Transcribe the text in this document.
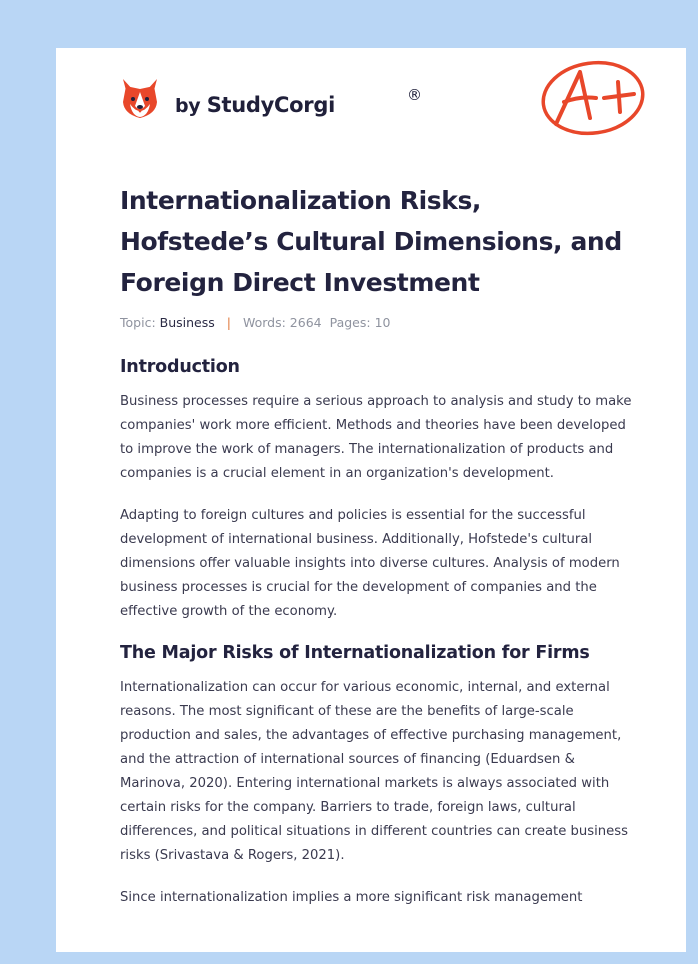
by StudyCorgi	®
Internationalization Risks, Hofstede’s Cultural Dimensions, and Foreign Direct Investment
Topic: Business | Words: 2664 Pages: 10
Introduction

Business processes require a serious approach to analysis and study to make companies' work more efficient. Methods and theories have been developed to improve the work of managers. The internationalization of products and companies is a crucial element in an organization's development.

Adapting to foreign cultures and policies is essential for the successful development of international business. Additionally, Hofstede's cultural dimensions offer valuable insights into diverse cultures. Analysis of modern business processes is crucial for the development of companies and the effective growth of the economy.

The Major Risks of Internationalization for Firms

Internationalization can occur for various economic, internal, and external reasons. The most significant of these are the benefits of large-scale production and sales, the advantages of effective purchasing management, and the attraction of international sources of financing (Eduardsen & Marinova, 2020). Entering international markets is always associated with certain risks for the company. Barriers to trade, foreign laws, cultural differences, and political situations in different countries can create business risks (Srivastava & Rogers, 2021).

Since internationalization implies a more significant risk management
